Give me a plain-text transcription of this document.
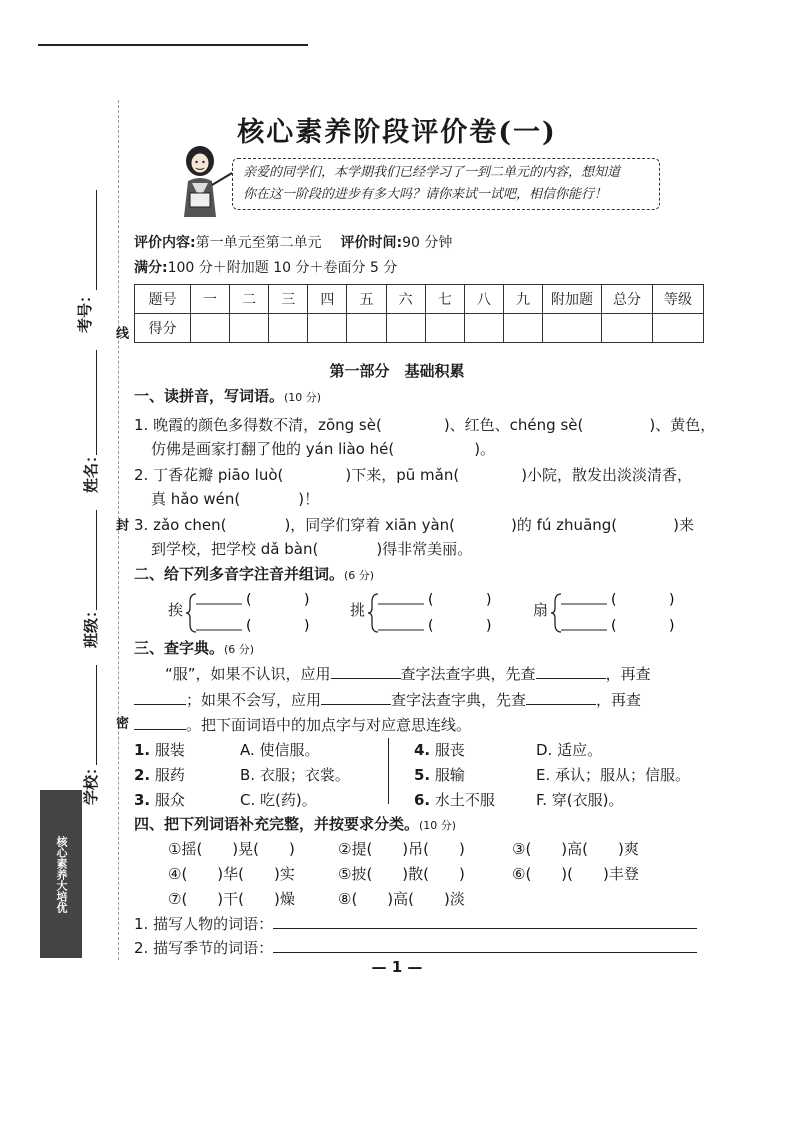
考号： 线
姓名：
封
班级：
密
学校：
核心素养大培优
核心素养阶段评价卷(一)
亲爱的同学们，本学期我们已经学习了一到二单元的内容，想知道
你在这一阶段的进步有多大吗？请你来试一试吧，相信你能行！
评价内容:第一单元至第二单元 评价时间:90 分钟
满分:100 分＋附加题 10 分＋卷面分 5 分
题号	一	二	三	四	五	六	七	八	九	附加题	总分	等级
得分												
第一部分　基础积累
一、读拼音，写词语。(10 分)
1. 晚霞的颜色多得数不清，zōng sè(	)、红色、chéng sè(	)、黄色，
仿佛是画家打翻了他的 yán liào hé(	)。
2. 丁香花瓣 piāo luò(	)下来，pū mǎn(	)小院，散发出淡淡清香，
真 hǎo wén(	)！
3. zǎo chen(	)，同学们穿着 xiān yàn(	)的 fú zhuāng(	)来
到学校，把学校 dǎ bàn(	)得非常美丽。
二、给下列多音字注音并组词。(6 分)
挨
(	)
(	)
挑
(	)
(	)
扇
(	)
(	)
三、查字典。(6 分)
“服”，如果不认识，应用	查字法查字典，先查	，再查
；如果不会写，应用	查字法查字典，先查	，再查
。把下面词语中的加点字与对应意思连线。
1. 服装	A. 使信服。
2. 服药	B. 衣服；衣裳。
3. 服众	C. 吃(药)。
4. 服丧	D. 适应。
5. 服输	E. 承认；服从；信服。
6. 水土不服	F. 穿(衣服)。
四、把下列词语补充完整，并按要求分类。(10 分)
①摇(　　)晃(　　)	②提(　　)吊(　　)	③(　　)高(　　)爽
④(　　)华(　　)实	⑤披(　　)散(　　)	⑥(　　)(　　)丰登
⑦(　　)干(　　)燥	⑧(　　)高(　　)淡
1. 描写人物的词语：
2. 描写季节的词语：
— 1 —
